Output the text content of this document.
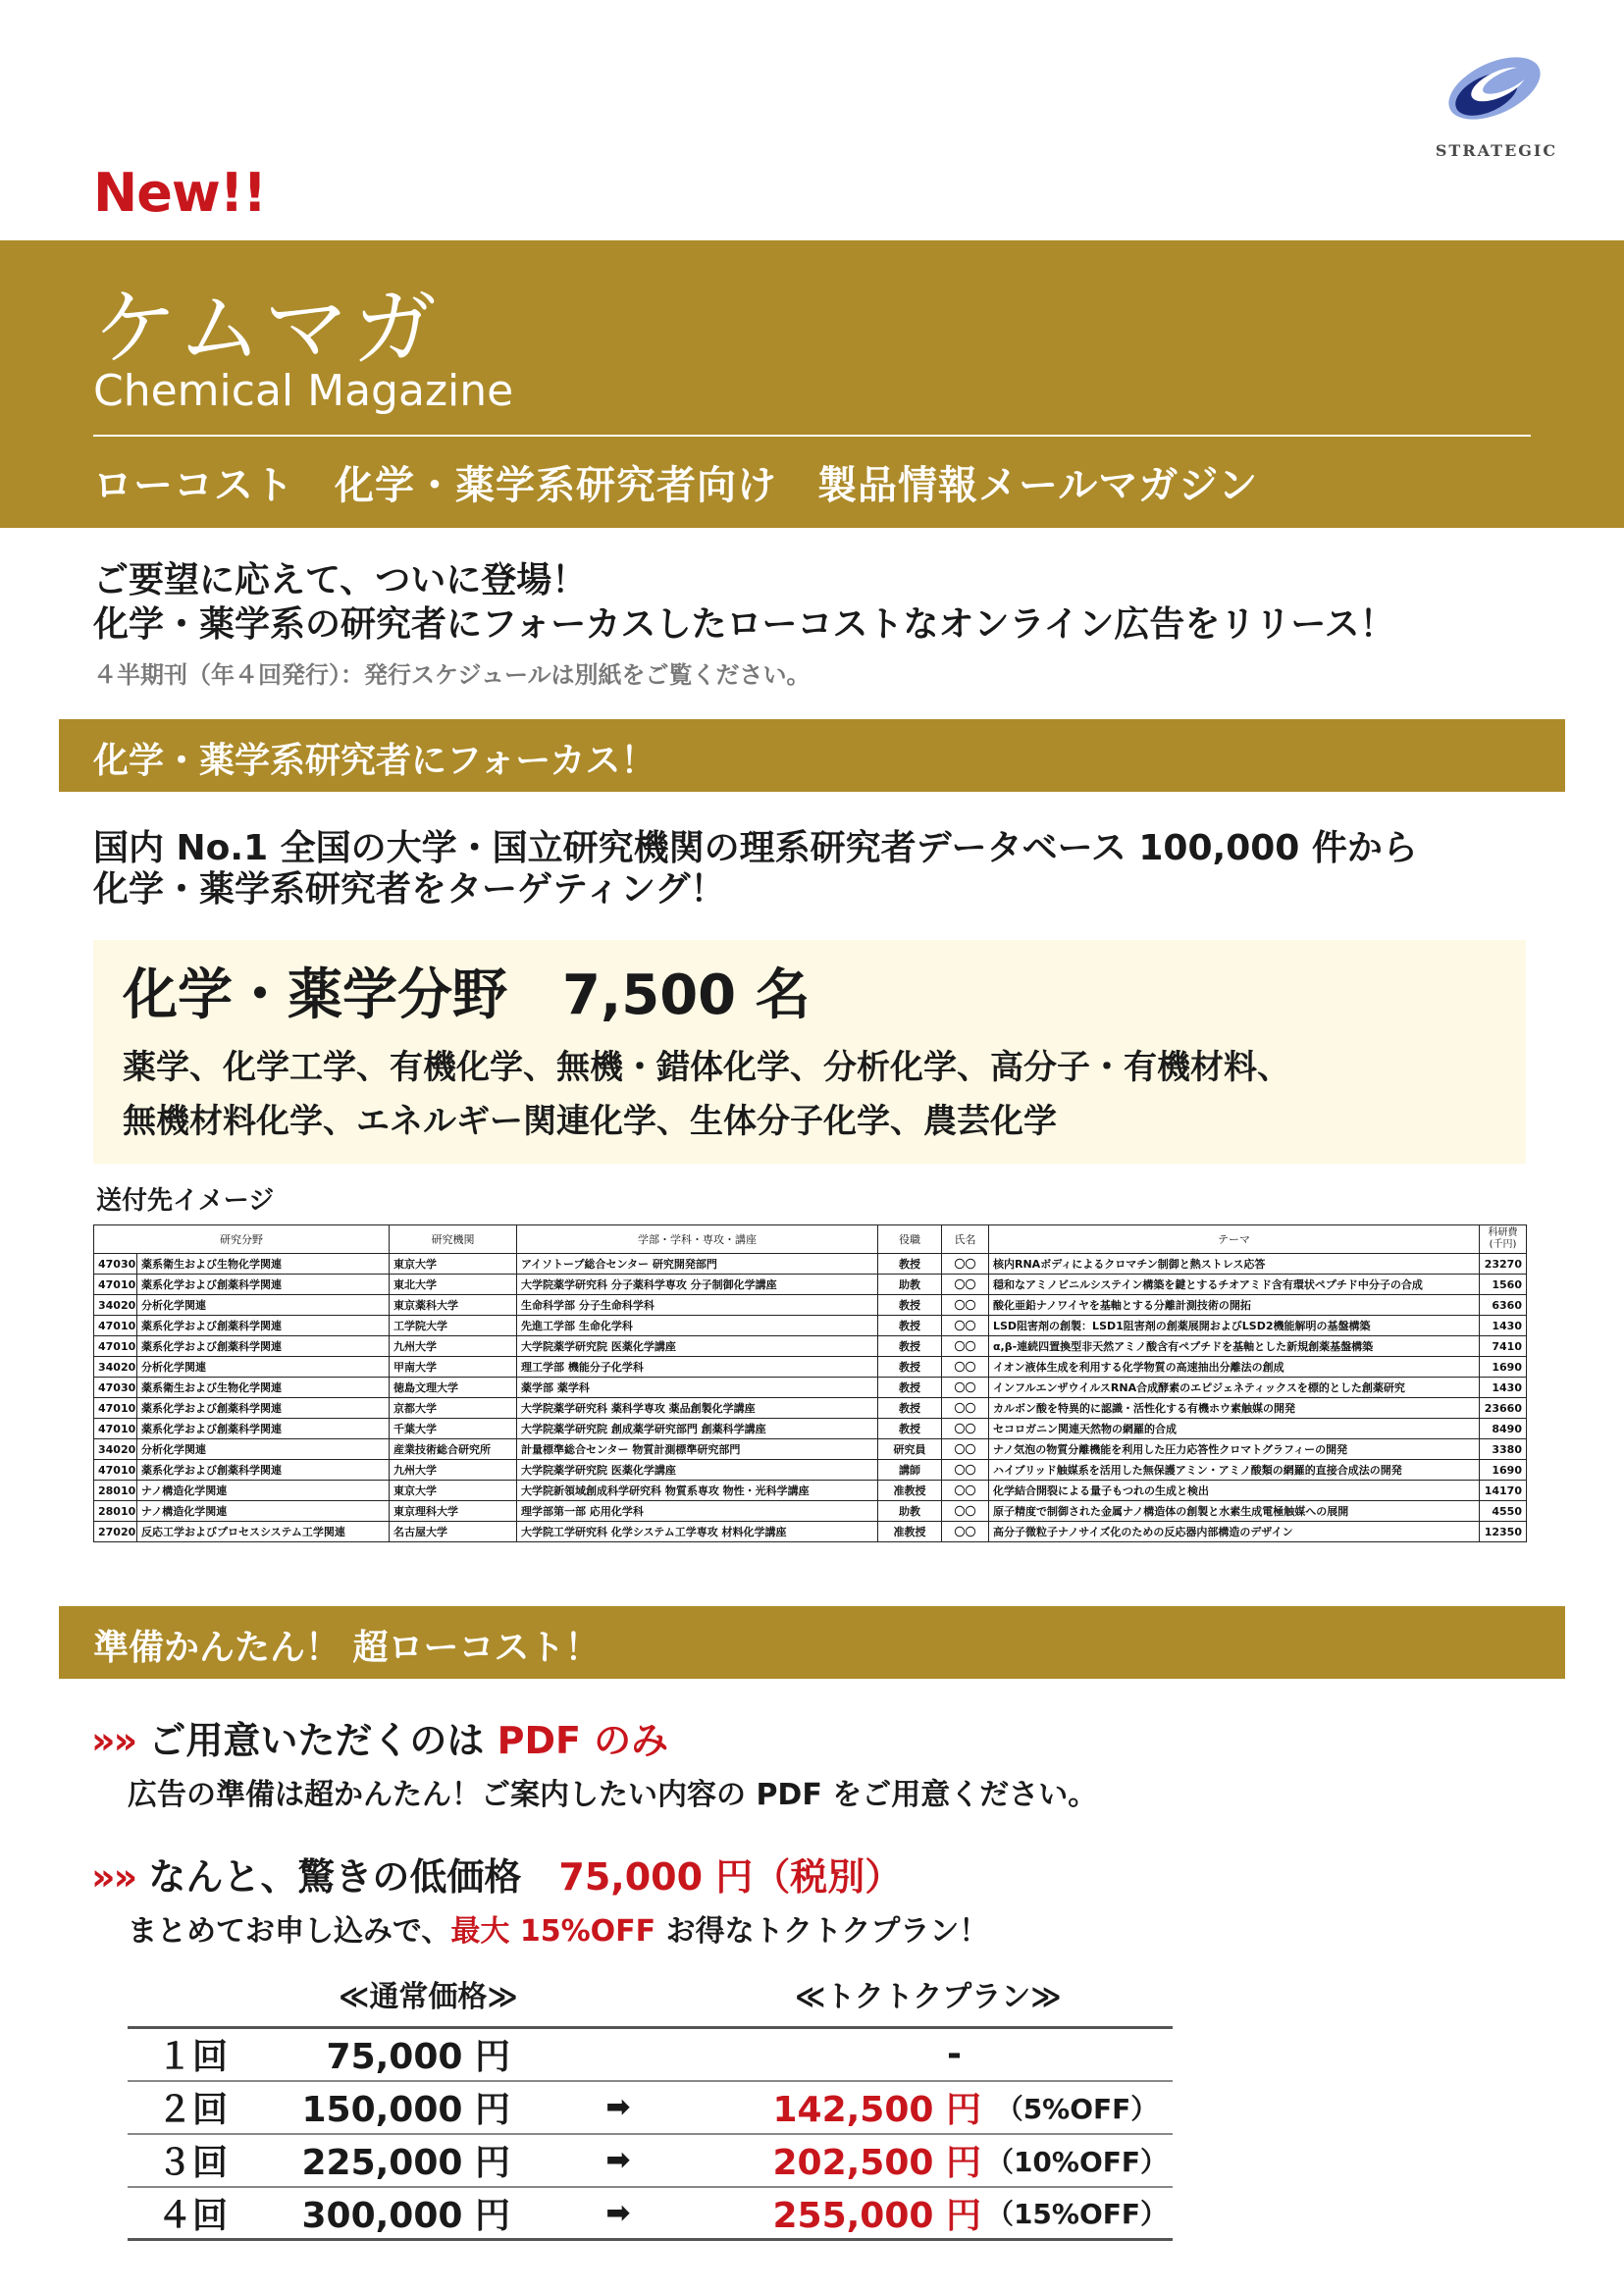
STRATEGIC
New!!
ケムマガ
Chemical Magazine
ローコスト　化学・薬学系研究者向け　製品情報メールマガジン
ご要望に応えて、ついに登場！
化学・薬学系の研究者にフォーカスしたローコストなオンライン広告をリリース！
４半期刊（年４回発行）：発行スケジュールは別紙をご覧ください。
化学・薬学系研究者にフォーカス！
国内 No.1 全国の大学・国立研究機関の理系研究者データベース 100,000 件から
化学・薬学系研究者をターゲティング！
化学・薬学分野　7,500 名
薬学、化学工学、有機化学、無機・錯体化学、分析化学、高分子・有機材料、
無機材料化学、エネルギー関連化学、生体分子化学、農芸化学
送付先イメージ
研究分野		研究機関	学部・学科・専攻・講座	役職	氏名	テーマ	科研費(千円)
47030	薬系衛生および生物化学関連	東京大学	アイソトープ総合センター 研究開発部門	教授	〇〇	核内RNAボディによるクロマチン制御と熱ストレス応答	23270
47010	薬系化学および創薬科学関連	東北大学	大学院薬学研究科 分子薬科学専攻 分子制御化学講座	助教	〇〇	穏和なアミノビニルシステイン構築を鍵とするチオアミド含有環状ペプチド中分子の合成	1560
34020	分析化学関連	東京薬科大学	生命科学部 分子生命科学科	教授	〇〇	酸化亜鉛ナノワイヤを基軸とする分離計測技術の開拓	6360
47010	薬系化学および創薬科学関連	工学院大学	先進工学部 生命化学科	教授	〇〇	LSD阻害剤の創製：LSD1阻害剤の創薬展開およびLSD2機能解明の基盤構築	1430
47010	薬系化学および創薬科学関連	九州大学	大学院薬学研究院 医薬化学講座	教授	〇〇	α,β-連続四置換型非天然アミノ酸含有ペプチドを基軸とした新規創薬基盤構築	7410
34020	分析化学関連	甲南大学	理工学部 機能分子化学科	教授	〇〇	イオン液体生成を利用する化学物質の高速抽出分離法の創成	1690
47030	薬系衛生および生物化学関連	徳島文理大学	薬学部 薬学科	教授	〇〇	インフルエンザウイルスRNA合成酵素のエピジェネティックスを標的とした創薬研究	1430
47010	薬系化学および創薬科学関連	京都大学	大学院薬学研究科 薬科学専攻 薬品創製化学講座	教授	〇〇	カルボン酸を特異的に認識・活性化する有機ホウ素触媒の開発	23660
47010	薬系化学および創薬科学関連	千葉大学	大学院薬学研究院 創成薬学研究部門 創薬科学講座	教授	〇〇	セコロガニン関連天然物の網羅的合成	8490
34020	分析化学関連	産業技術総合研究所	計量標準総合センター 物質計測標準研究部門	研究員	〇〇	ナノ気泡の物質分離機能を利用した圧力応答性クロマトグラフィーの開発	3380
47010	薬系化学および創薬科学関連	九州大学	大学院薬学研究院 医薬化学講座	講師	〇〇	ハイブリッド触媒系を活用した無保護アミン・アミノ酸類の網羅的直接合成法の開発	1690
28010	ナノ構造化学関連	東京大学	大学院新領域創成科学研究科 物質系専攻 物性・光科学講座	准教授	〇〇	化学結合開裂による量子もつれの生成と検出	14170
28010	ナノ構造化学関連	東京理科大学	理学部第一部 応用化学科	助教	〇〇	原子精度で制御された金属ナノ構造体の創製と水素生成電極触媒への展開	4550
27020	反応工学およびプロセスシステム工学関連	名古屋大学	大学院工学研究科 化学システム工学専攻 材料化学講座	准教授	〇〇	高分子微粒子ナノサイズ化のための反応器内部構造のデザイン	12350
準備かんたん！ 超ローコスト！
» » ご用意いただくのは PDF のみ
広告の準備は超かんたん！ご案内したい内容の PDF をご用意ください。
» » なんと、驚きの低価格　75,000 円（税別）
まとめてお申し込みで、最大 15%OFF お得なトクトクプラン！
≪通常価格≫	≪トクトクプラン≫
１回	75,000 円		-	
２回	150,000 円	➡	142,500 円	（5%OFF）
３回	225,000 円	➡	202,500 円	（10%OFF）
４回	300,000 円	➡	255,000 円	（15%OFF）
